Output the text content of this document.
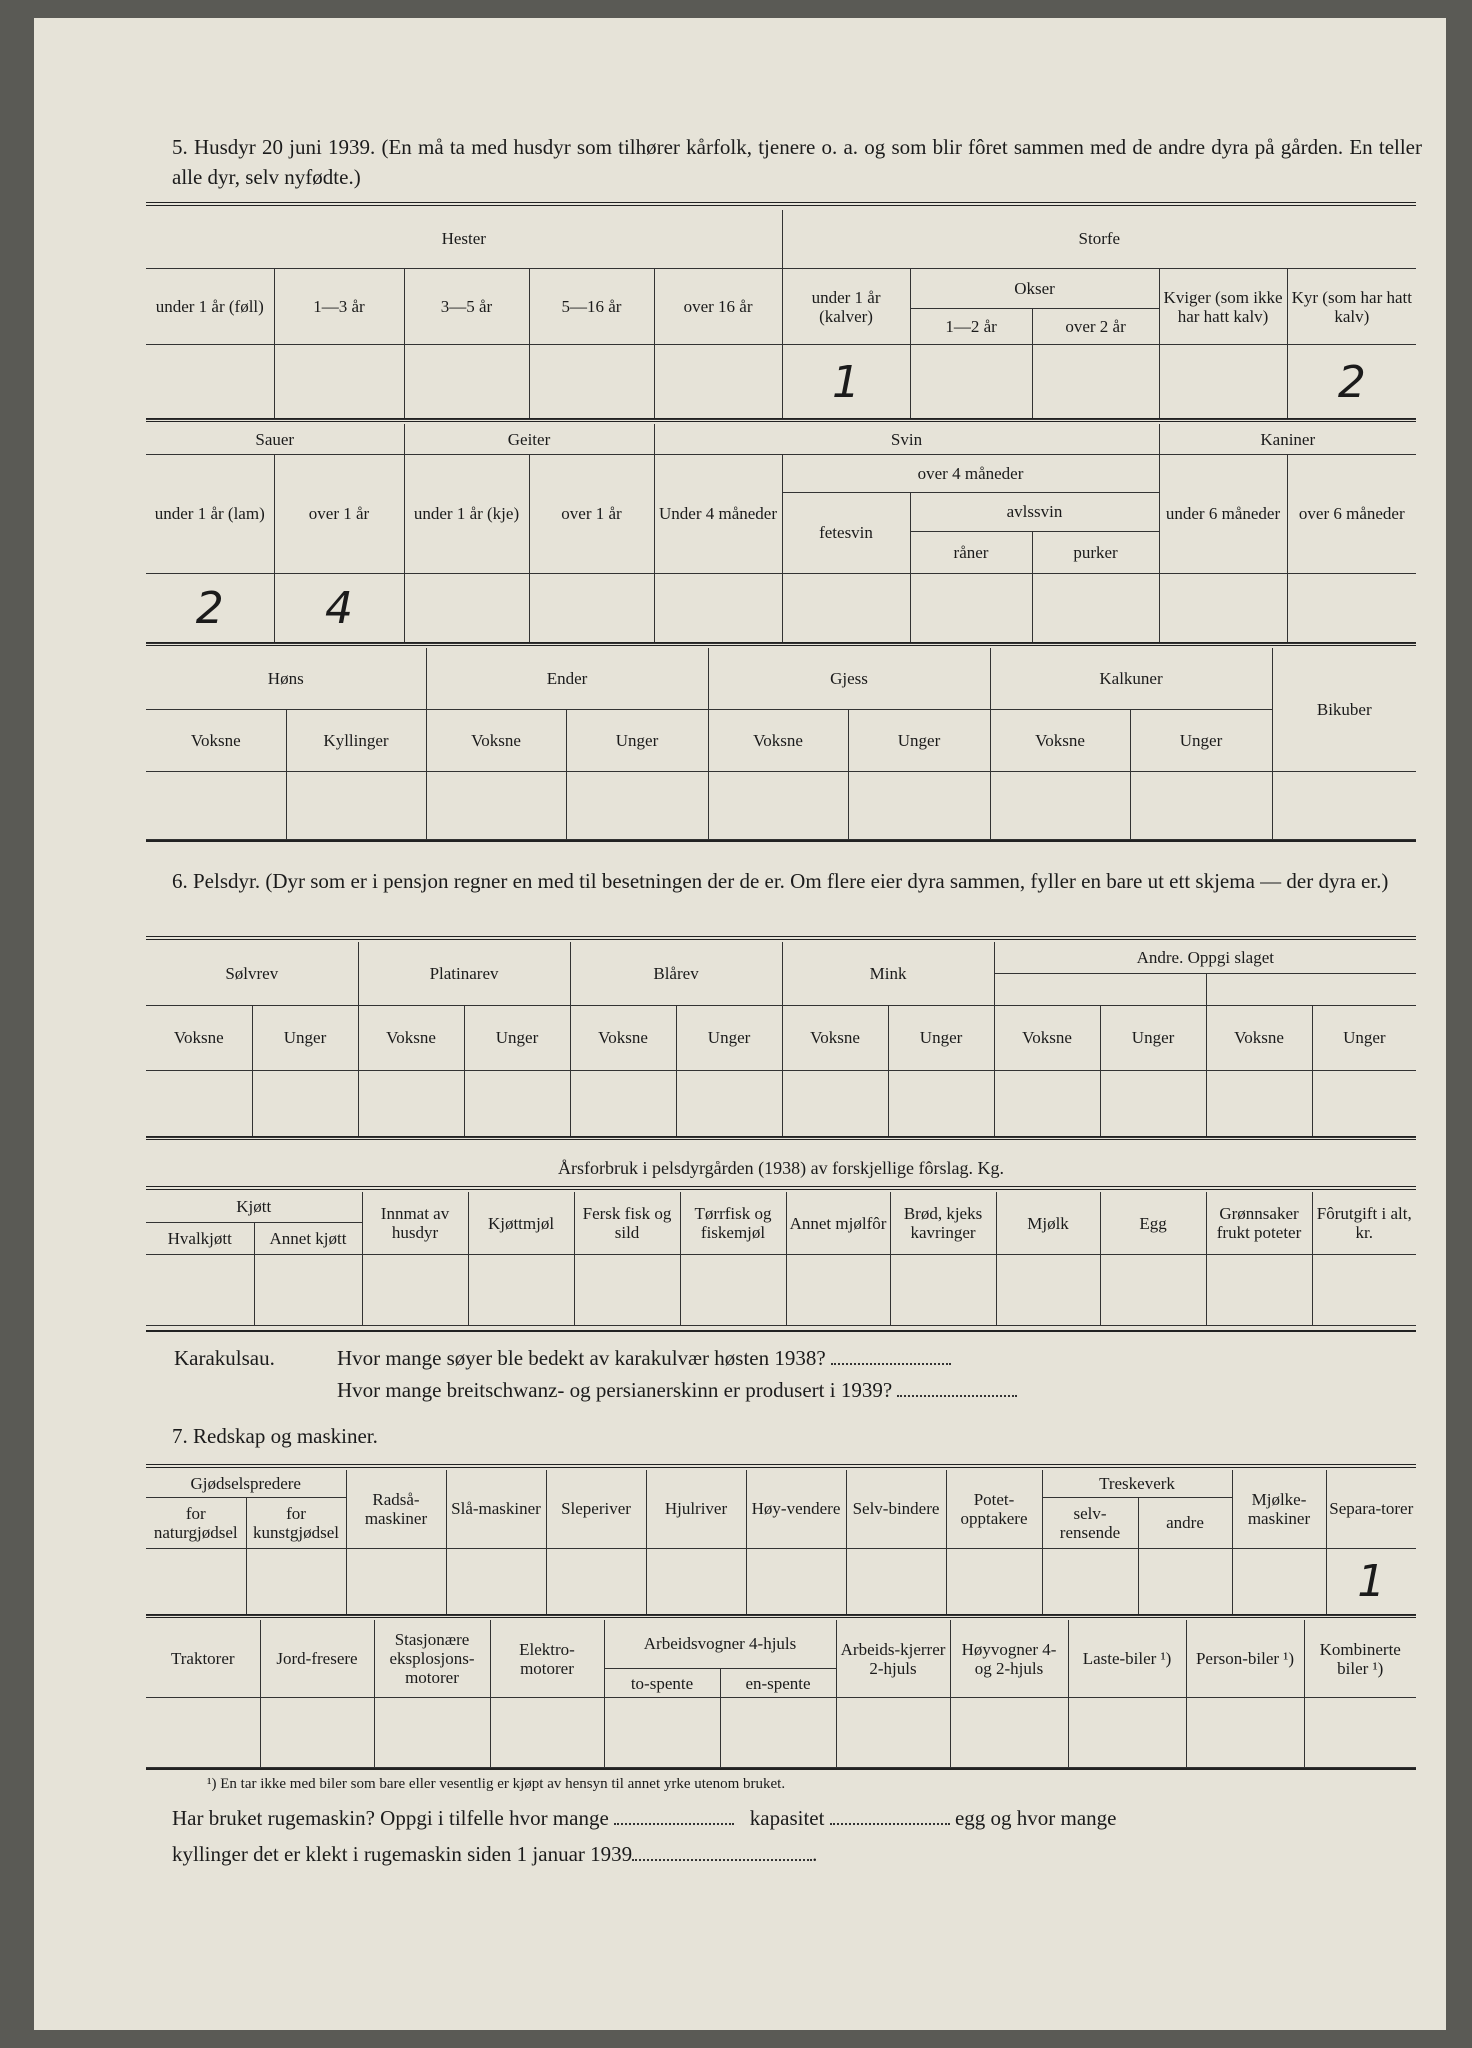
5. Husdyr 20 juni 1939. (En må ta med husdyr som tilhører kårfolk, tjenere o. a. og som blir fôret sammen med de andre dyra på gården. En teller alle dyr, selv nyfødte.)
Hester					Storfe				
under 1 år (føll)	1—3 år	3—5 år	5—16 år	over 16 år	under 1 år (kalver)	Okser		Kviger (som ikke har hatt kalv)	Kyr (som har hatt kalv)
						1—2 år	over 2 år		
					1				2
Sauer		Geiter		Svin				Kaniner	
under 1 år (lam)	over 1 år	under 1 år (kje)	over 1 år	Under 4 måneder	over 4 måneder			under 6 måneder	over 6 måneder
					fetesvin	avlssvin			
						råner	purker		
2	4								
Høns		Ender		Gjess		Kalkuner		Bikuber
Voksne	Kyllinger	Voksne	Unger	Voksne	Unger	Voksne	Unger	

6. Pelsdyr. (Dyr som er i pensjon regner en med til besetningen der de er. Om flere eier dyra sammen, fyller en bare ut ett skjema — der dyra er.)
Sølvrev		Platinarev		Blårev		Mink		Andre. Oppgi slaget			

Voksne	Unger	Voksne	Unger	Voksne	Unger	Voksne	Unger	Voksne	Unger	Voksne	Unger

Årsforbruk i pelsdyrgården (1938) av forskjellige fôrslag. Kg.
Kjøtt		Innmat av husdyr	Kjøttmjøl	Fersk fisk og sild	Tørrfisk og fiskemjøl	Annet mjølfôr	Brød, kjeks kavringer	Mjølk	Egg	Grønnsaker frukt poteter	Fôrutgift i alt, kr.
Hvalkjøtt	Annet kjøtt										

Karakulsau.	Hvor mange søyer ble bedekt av karakulvær høsten 1938?
Hvor mange breitschwanz- og persianerskinn er produsert i 1939?
7. Redskap og maskiner.
Gjødselspredere		Radså-maskiner	Slå-maskiner	Sleperiver	Hjulriver	Høy-vendere	Selv-bindere	Potet-opptakere	Treskeverk		Mjølke-maskiner	Separa-torer
for naturgjødsel	for kunstgjødsel								selv-rensende	andre		
												1
Traktorer	Jord-freserе	Stasjonære eksplosjons-motorer	Elektro-motorer	Arbeidsvogner 4-hjuls		Arbeids-kjerrer 2-hjuls	Høyvogner 4- og 2-hjuls	Laste-biler ¹)	Person-biler ¹)	Kombinerte biler ¹)
				to-spente	en-spente					

¹) En tar ikke med biler som bare eller vesentlig er kjøpt av hensyn til annet yrke utenom bruket.
Har bruket rugemaskin? Oppgi i tilfelle hvor mange	kapasitet	egg og hvor mange
kyllinger det er klekt i rugemaskin siden 1 januar 1939	.
